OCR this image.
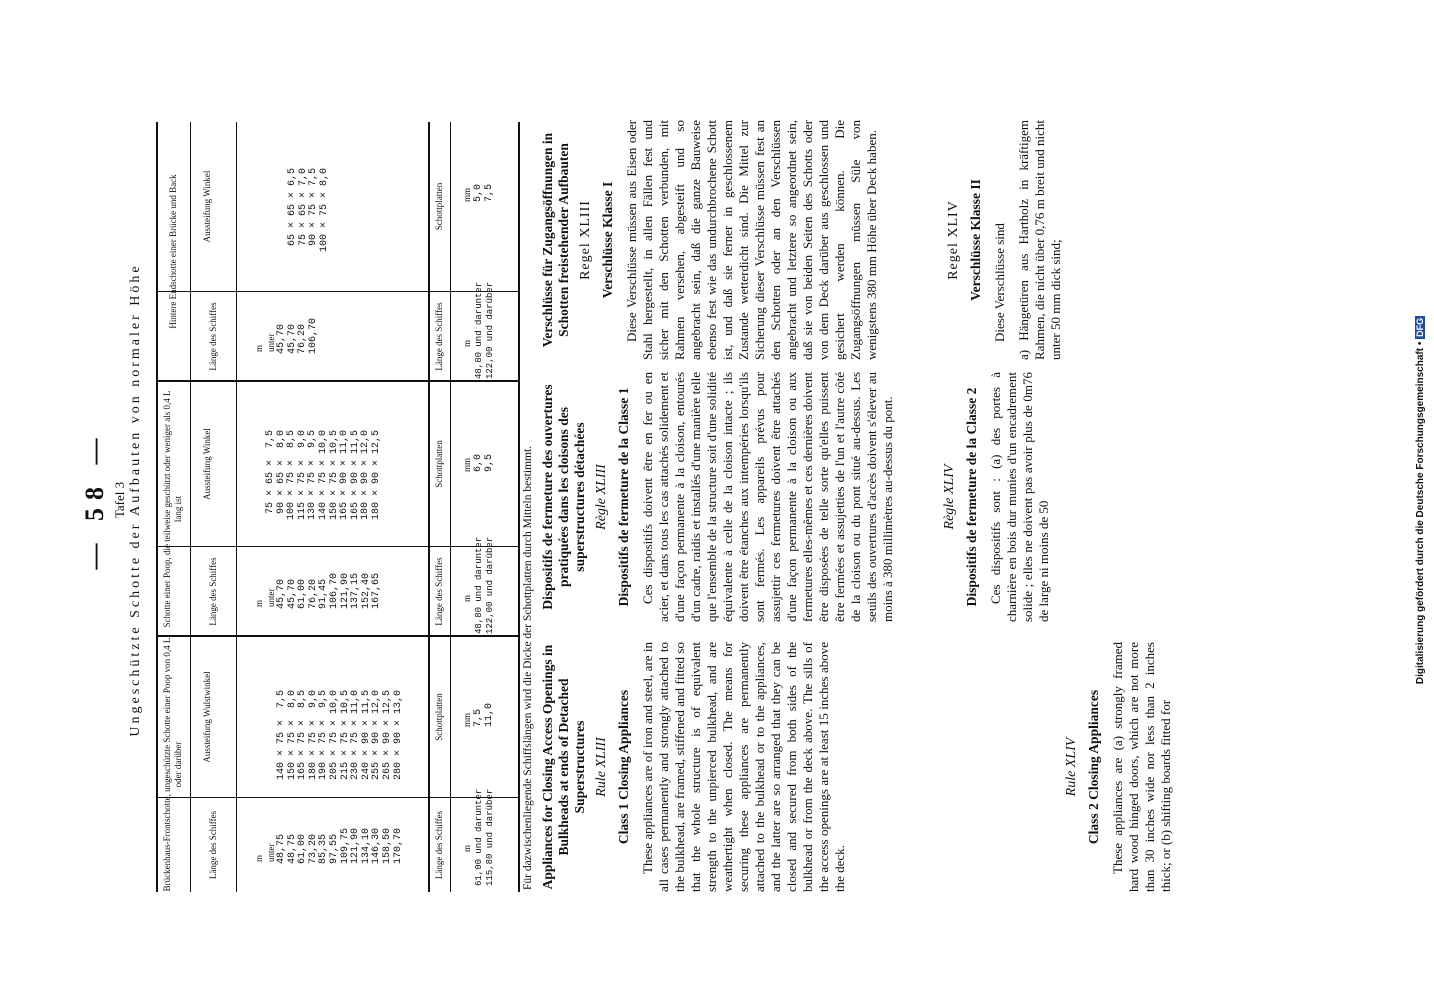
— 58 — Tafel 3 Ungeschützte Schotte der Aufbauten von normaler Höhe
Brückenhaus-Frontschotte, ungeschützte Schotte einer Poop von 0,4 L oder darüber
Schotte einer Poop, die teilweise geschützt oder weniger als 0,4 L lang ist
Hintere Endschotte einer Brücke und Back
Länge des Schiffes
Aussteifung Wulstwinkel
Länge des Schiffes
Aussteifung Winkel
Länge des Schiffes
Aussteifung Winkel
m unter 48,75
48,75
61,00
73,20
85,35
97,55
109,75
121,90
134,10
146,30
158,50
170,70
140 × 75 ×  7,5
150 × 75 ×  8,0
165 × 75 ×  8,5
180 × 75 ×  9,0
190 × 75 ×  9,5
205 × 75 × 10,0
215 × 75 × 10,5
230 × 75 × 11,0
240 × 90 × 11,5
255 × 90 × 12,0
265 × 90 × 12,5
280 × 90 × 13,0
m unter 45,70
45,70
61,00
76,20
91,45
106,70
121,90
137,15
152,40
167,65
75 × 65 ×  7,5
90 × 65 ×  8,0
100 × 75 ×  8,5
115 × 75 ×  9,0
130 × 75 ×  9,5
140 × 75 × 10,0
150 × 75 × 10,5
165 × 90 × 11,0
165 × 90 × 11,5
180 × 90 × 12,0
180 × 90 × 12,5
m unter 45,70
45,70
76,20
106,70
65 × 65 × 6,5
75 × 65 × 7,0
90 × 75 × 7,5
100 × 75 × 8,0
Länge des Schiffes
Schottplatten
Länge des Schiffes
Schottplatten
Länge des Schiffes
Schottplatten
m
61,00 und darunter
115,80 und darüber
mm 7,5
11,0
m
48,80 und darunter
122,00 und darüber
mm 6,0
9,5
m
48,80 und darunter
122,00 und darüber
mm 5,0
7,5
Für dazwischenliegende Schiffslängen wird die Dicke der Schottplatten durch Mitteln bestimmt. Appliances for Closing Access Openings in Bulkheads at ends of Detached Superstructures Rule XLIII Class 1 Closing Appliances These appliances are of iron and steel, are in all cases permanently and strongly attached to the bulkhead, are framed, stiffened and fitted so that the whole structure is of equivalent strength to the unpierced bulkhead, and are weathertight when closed. The means for securing these appliances are permanently attached to the bulkhead or to the appliances, and the latter are so arranged that they can be closed and secured from both sides of the bulkhead or from the deck above. The sills of the access openings are at least 15 inches above the deck.

Rule XLIV Class 2 Closing Appliances These appliances are (a) strongly framed hard wood hinged doors, which are not more than 30 inches wide nor less than 2 inches thick; or (b) shifting boards fitted for

Dispositifs de fermeture des ouvertures pratiquées dans les cloisons des superstructures détachées Règle XLIII Dispositifs de fermeture de la Classe 1 Ces dispositifs doivent être en fer ou en acier, et dans tous les cas attachés solidement et d'une façon permanente à la cloison, entourés d'un cadre, raidis et installés d'une manière telle que l'ensemble de la structure soit d'une solidité équivalente à celle de la cloison intacte ; ils doivent être étanches aux intempéries lorsqu'ils sont fermés. Les appareils prévus pour assujettir ces fermetures doivent être attachés d'une façon permanente à la cloison ou aux fermetures elles-mêmes et ces dernières doivent être disposées de telle sorte qu'elles puissent être fermées et assujetties de l'un et l'autre côté de la cloison ou du pont situé au-dessus. Les seuils des ouvertures d'accès doivent s'élever au moins à 380 millimètres au-dessus du pont.	Règle XLIV Dispositifs de fermeture de la Classe 2 Ces dispositifs sont : (a) des portes à charnière en bois dur munies d'un encadrement solide ; elles ne doivent pas avoir plus de 0m76 de large ni moins de 50

Verschlüsse für Zugangsöffnungen in Schotten freistehender Aufbauten Regel XLIII Verschlüsse Klasse I Diese Verschlüsse müssen aus Eisen oder Stahl hergestellt, in allen Fällen fest und sicher mit den Schotten verbunden, mit Rahmen versehen, abgesteift und so angebracht sein, daß die ganze Bauweise ebenso fest wie das undurchbrochene Schott ist, und daß sie ferner in geschlossenem Zustande wetterdicht sind. Die Mittel zur Sicherung dieser Verschlüsse müssen fest an den Schotten oder an den Verschlüssen angebracht und letztere so angeordnet sein, daß sie von beiden Seiten des Schotts oder von dem Deck darüber aus geschlossen und gesichert werden können. Die Zugangsöffnungen müssen Süle von wenigstens 380 mm Höhe über Deck haben.	Regel XLIV Verschlüsse Klasse II Diese Verschlüsse sind a) Hängetüren aus Hartholz in kräftigem Rahmen, die nicht über 0,76 m breit und nicht unter 50 mm dick sind;

Digitalisierung gefördert durch die Deutsche Forschungsgemeinschaft • DFG
